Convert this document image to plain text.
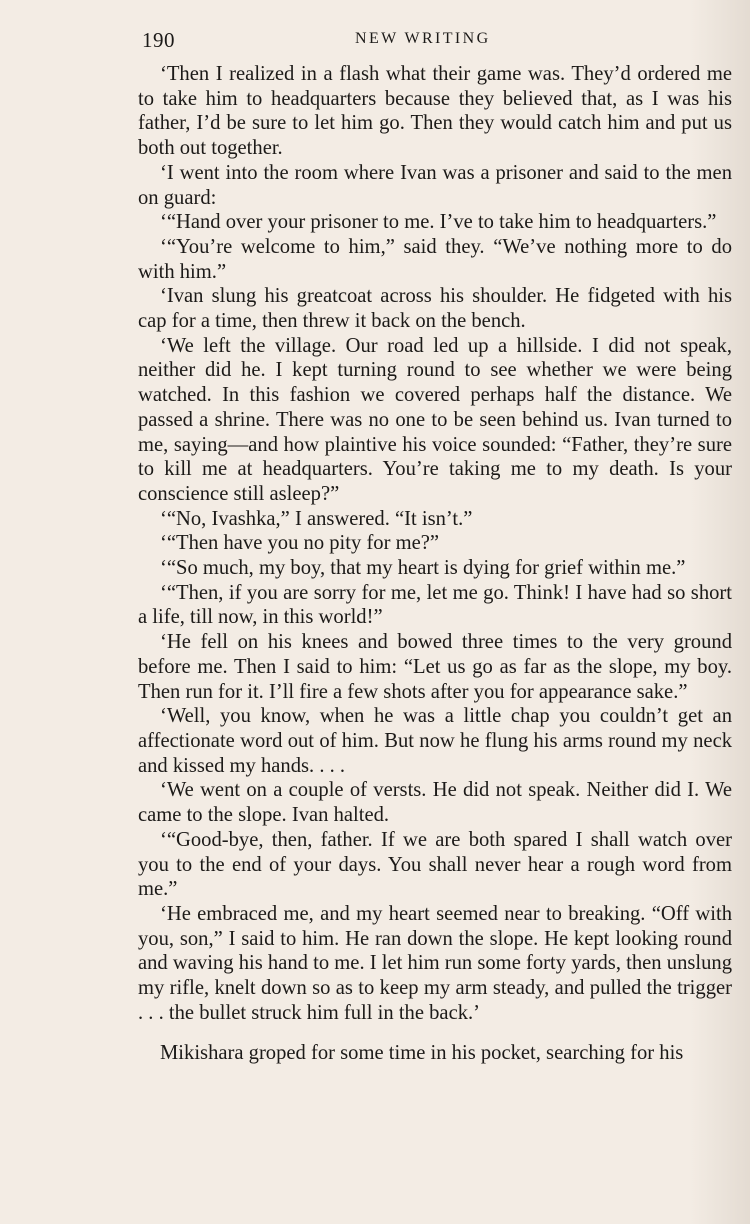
190	NEW WRITING

‘Then I realized in a flash what their game was. They’d ordered me to take him to headquarters because they believed that, as I was his father, I’d be sure to let him go. Then they would catch him and put us both out together.

‘I went into the room where Ivan was a prisoner and said to the men on guard:

‘“Hand over your prisoner to me. I’ve to take him to headquarters.”

‘“You’re welcome to him,” said they. “We’ve nothing more to do with him.”

‘Ivan slung his greatcoat across his shoulder. He fidgeted with his cap for a time, then threw it back on the bench.

‘We left the village. Our road led up a hillside. I did not speak, neither did he. I kept turning round to see whether we were being watched. In this fashion we covered perhaps half the distance. We passed a shrine. There was no one to be seen behind us. Ivan turned to me, saying—and how plaintive his voice sounded: “Father, they’re sure to kill me at headquarters. You’re taking me to my death. Is your conscience still asleep?”

‘“No, Ivashka,” I answered. “It isn’t.”

‘“Then have you no pity for me?”

‘“So much, my boy, that my heart is dying for grief within me.”

‘“Then, if you are sorry for me, let me go. Think! I have had so short a life, till now, in this world!”

‘He fell on his knees and bowed three times to the very ground before me. Then I said to him: “Let us go as far as the slope, my boy. Then run for it. I’ll fire a few shots after you for appearance sake.”

‘Well, you know, when he was a little chap you couldn’t get an affectionate word out of him. But now he flung his arms round my neck and kissed my hands. . . .

‘We went on a couple of versts. He did not speak. Neither did I. We came to the slope. Ivan halted.

‘“Good-bye, then, father. If we are both spared I shall watch over you to the end of your days. You shall never hear a rough word from me.”

‘He embraced me, and my heart seemed near to breaking. “Off with you, son,” I said to him. He ran down the slope. He kept looking round and waving his hand to me. I let him run some forty yards, then unslung my rifle, knelt down so as to keep my arm steady, and pulled the trigger . . . the bullet struck him full in the back.’

Mikishara groped for some time in his pocket, searching for his
